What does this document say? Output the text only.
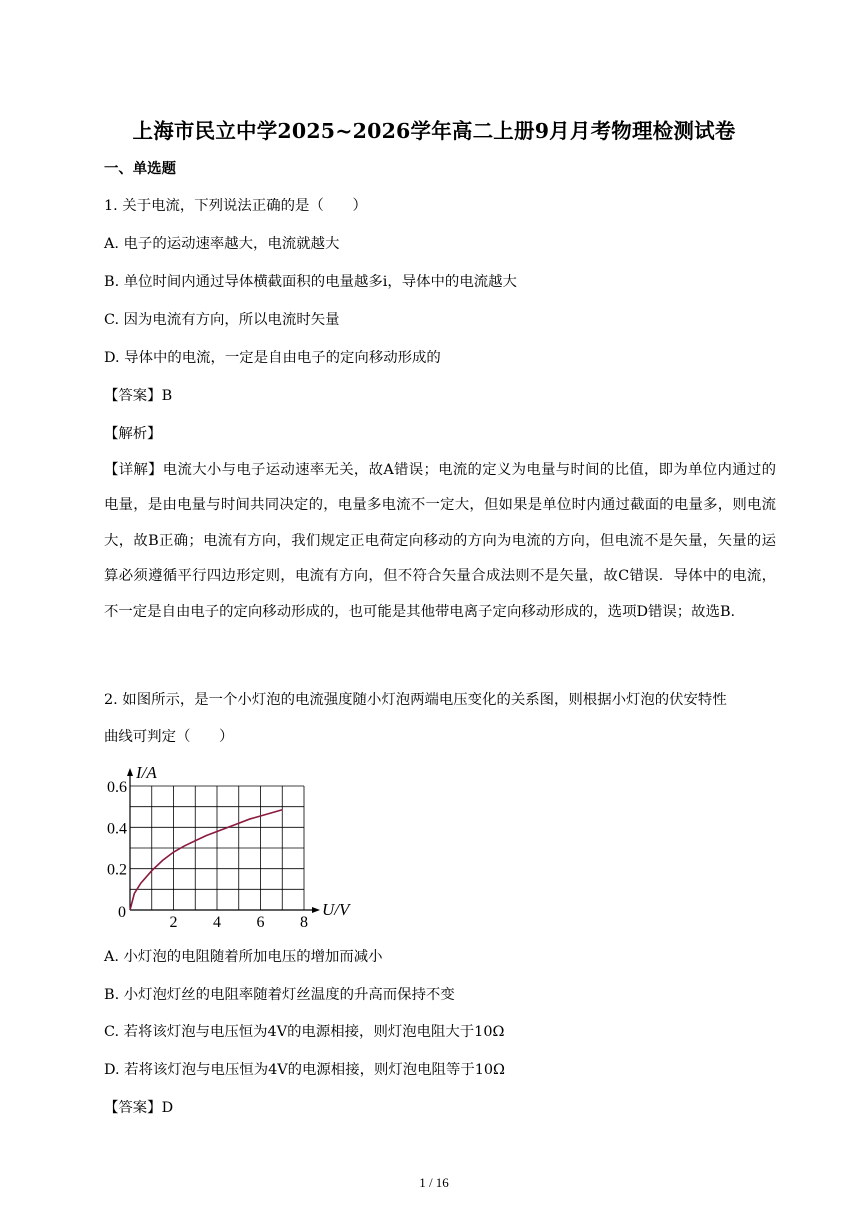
上海市民立中学2025~2026学年高二上册9月月考物理检测试卷
一、单选题
1. 关于电流，下列说法正确的是（　　）
A. 电子的运动速率越大，电流就越大
B. 单位时间内通过导体横截面积的电量越多i，导体中的电流越大
C. 因为电流有方向，所以电流时矢量
D. 导体中的电流，一定是自由电子的定向移动形成的
【答案】B
【解析】
【详解】电流大小与电子运动速率无关，故A错误；电流的定义为电量与时间的比值，即为单位内通过的电量，是由电量与时间共同决定的，电量多电流不一定大，但如果是单位时内通过截面的电量多，则电流大，故B正确；电流有方向，我们规定正电荷定向移动的方向为电流的方向，但电流不是矢量，矢量的运算必须遵循平行四边形定则，电流有方向，但不符合矢量合成法则不是矢量，故C错误．导体中的电流，不一定是自由电子的定向移动形成的，也可能是其他带电离子定向移动形成的，选项D错误；故选B.
2. 如图所示，是一个小灯泡的电流强度随小灯泡两端电压变化的关系图，则根据小灯泡的伏安特性
曲线可判定（　　）
2 4 6 8
0.2
0.4
0.6
0	U/V
I/A
A. 小灯泡的电阻随着所加电压的增加而减小
B. 小灯泡灯丝的电阻率随着灯丝温度的升高而保持不变
C. 若将该灯泡与电压恒为4V的电源相接，则灯泡电阻大于10Ω
D. 若将该灯泡与电压恒为4V的电源相接，则灯泡电阻等于10Ω
【答案】D
1 / 16
